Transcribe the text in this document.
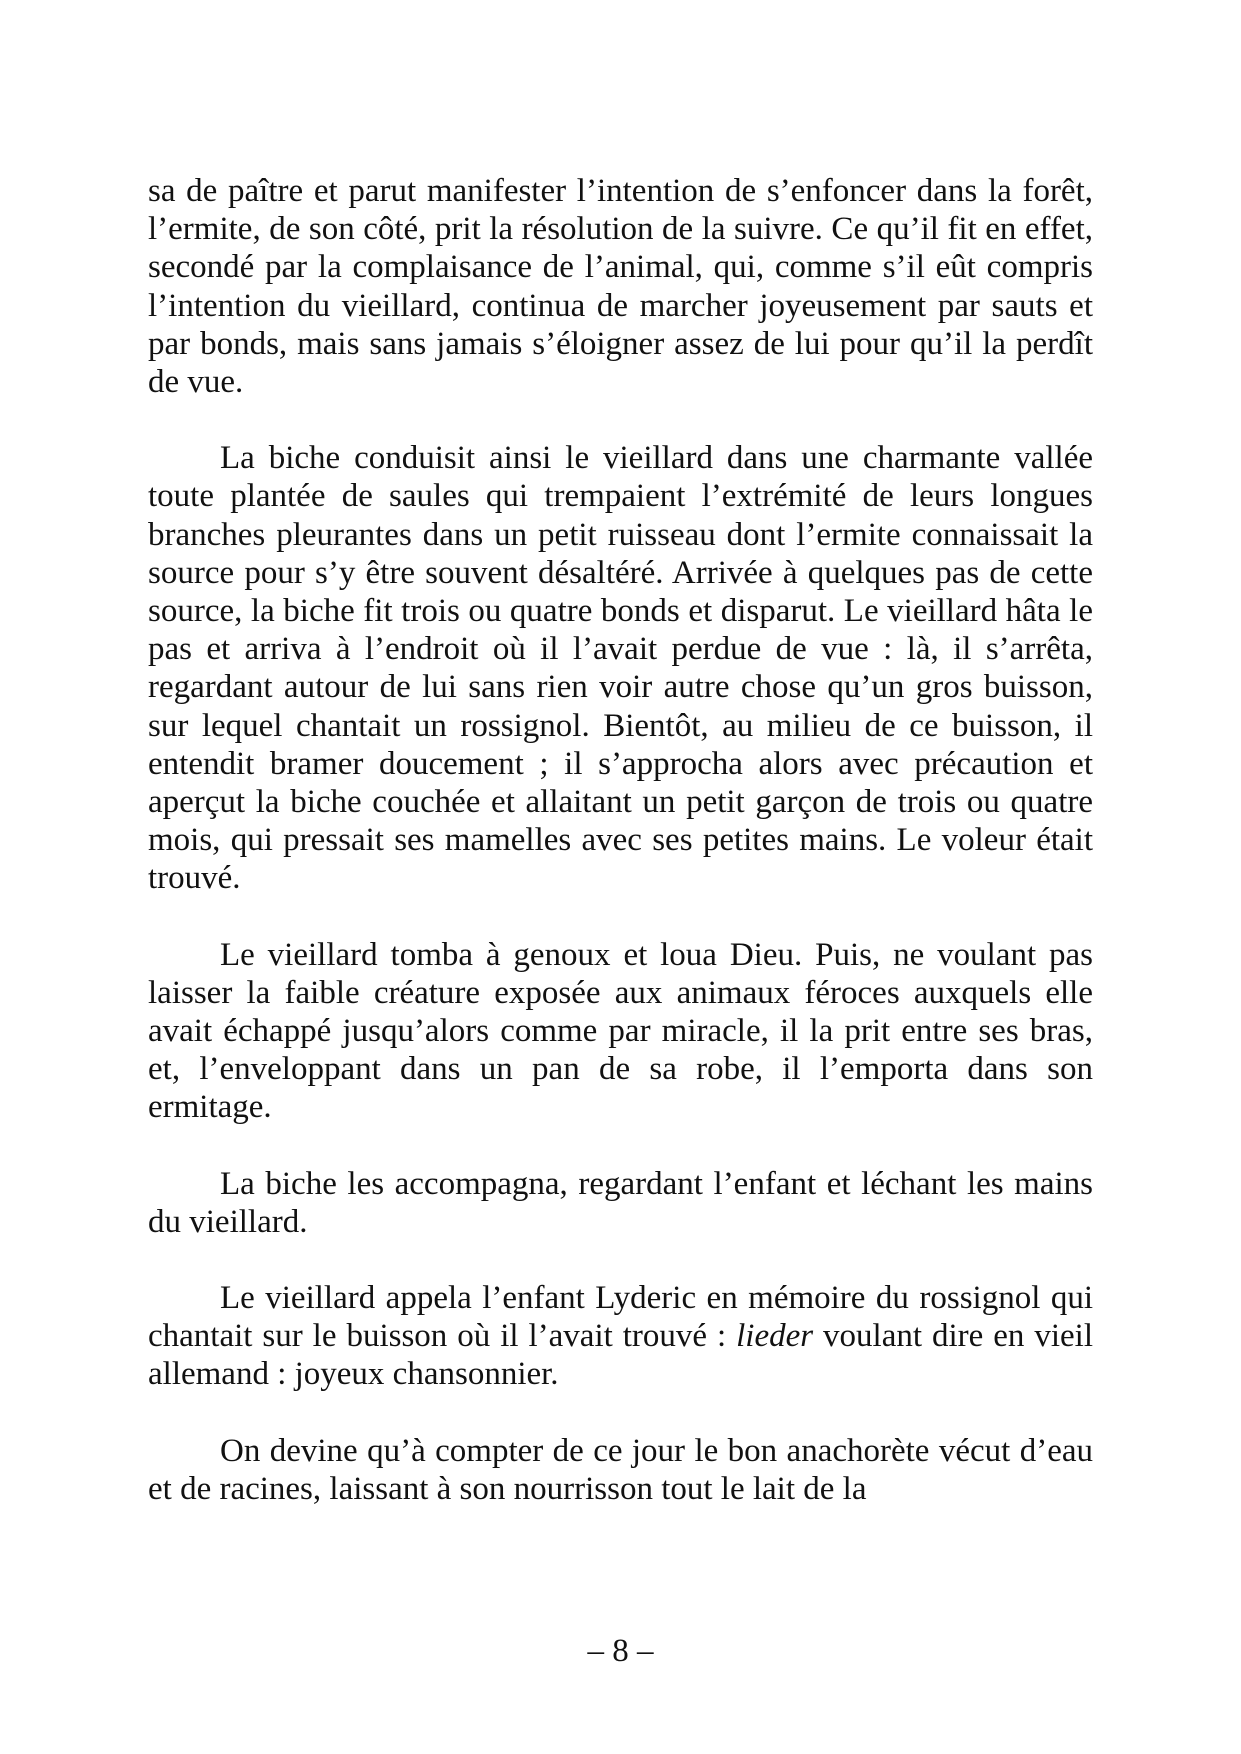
sa de paître et parut manifester l’intention de s’enfoncer dans la forêt, l’ermite, de son côté, prit la résolution de la suivre. Ce qu’il fit en effet, secondé par la complaisance de l’animal, qui, comme s’il eût compris l’intention du vieillard, continua de marcher joyeusement par sauts et par bonds, mais sans jamais s’éloigner assez de lui pour qu’il la perdît de vue.

La biche conduisit ainsi le vieillard dans une charmante vallée toute plantée de saules qui trempaient l’extrémité de leurs longues branches pleurantes dans un petit ruisseau dont l’ermite connaissait la source pour s’y être souvent désaltéré. Arrivée à quelques pas de cette source, la biche fit trois ou quatre bonds et disparut. Le vieillard hâta le pas et arriva à l’endroit où il l’avait perdue de vue : là, il s’arrêta, regardant autour de lui sans rien voir autre chose qu’un gros buisson, sur lequel chantait un rossignol. Bientôt, au milieu de ce buisson, il entendit bramer doucement ; il s’approcha alors avec précaution et aperçut la biche couchée et allaitant un petit garçon de trois ou quatre mois, qui pressait ses mamelles avec ses petites mains. Le voleur était trouvé.

Le vieillard tomba à genoux et loua Dieu. Puis, ne voulant pas laisser la faible créature exposée aux animaux féroces auxquels elle avait échappé jusqu’alors comme par miracle, il la prit entre ses bras, et, l’enveloppant dans un pan de sa robe, il l’emporta dans son ermitage.

La biche les accompagna, regardant l’enfant et léchant les mains du vieillard.

Le vieillard appela l’enfant Lyderic en mémoire du rossignol qui chantait sur le buisson où il l’avait trouvé : lieder voulant dire en vieil allemand : joyeux chansonnier.

On devine qu’à compter de ce jour le bon anachorète vécut d’eau et de racines, laissant à son nourrisson tout le lait de la

– 8 –
